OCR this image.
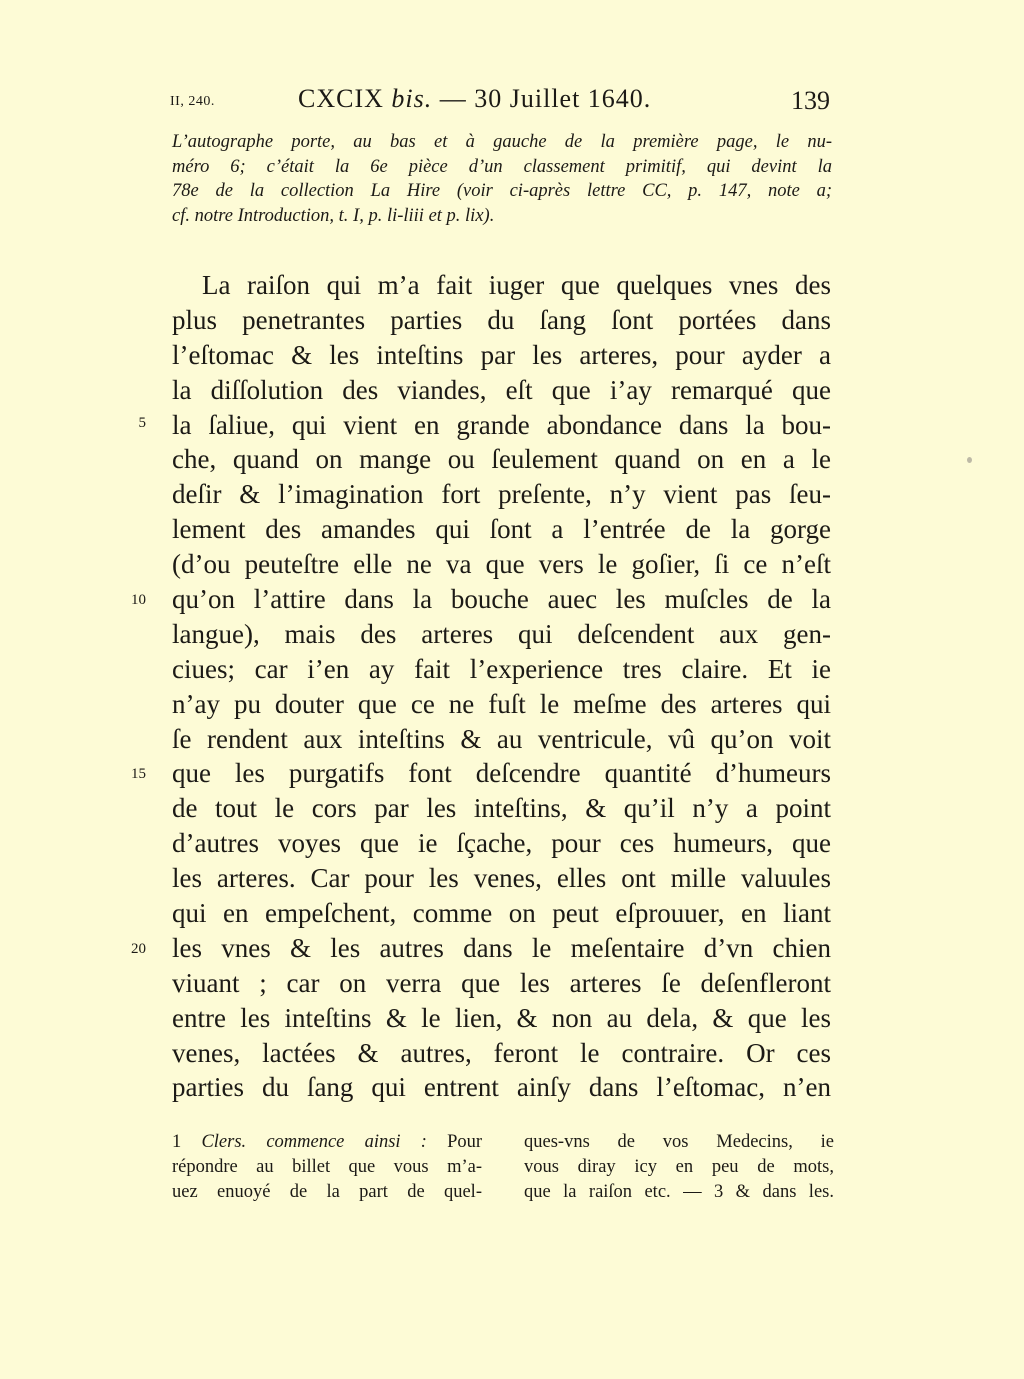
II, 240.	CXCIX bis. — 30 Juillet 1640.	139
L’autographe porte, au bas et à gauche de la première page, le nu-
méro 6; c’était la 6e pièce d’un classement primitif, qui devint la
78e de la collection La Hire (voir ci-après lettre CC, p. 147, note a;
cf. notre Introduction, t. I, p. li-liii et p. lix).
La raiſon qui m’a fait iuger que quelques vnes des
plus penetrantes parties du ſang ſont portées dans
l’eſtomac & les inteſtins par les arteres, pour ayder a
la diſſolution des viandes, eſt que i’ay remarqué que
la ſaliue, qui vient en grande abondance dans la bou-
che, quand on mange ou ſeulement quand on en a le
deſir & l’imagination fort preſente, n’y vient pas ſeu-
lement des amandes qui ſont a l’entrée de la gorge
(d’ou peuteſtre elle ne va que vers le goſier, ſi ce n’eſt
qu’on l’attire dans la bouche auec les muſcles de la
langue), mais des arteres qui deſcendent aux gen-
ciues; car i’en ay fait l’experience tres claire. Et ie
n’ay pu douter que ce ne fuſt le meſme des arteres qui
ſe rendent aux inteſtins & au ventricule, vû qu’on voit
que les purgatifs font deſcendre quantité d’humeurs
de tout le cors par les inteſtins, & qu’il n’y a point
d’autres voyes que ie ſçache, pour ces humeurs, que
les arteres. Car pour les venes, elles ont mille valuules
qui en empeſchent, comme on peut eſprouuer, en liant
les vnes & les autres dans le meſentaire d’vn chien
viuant ; car on verra que les arteres ſe deſenfleront
entre les inteſtins & le lien, & non au dela, & que les
venes, lactées & autres, feront le contraire. Or ces
parties du ſang qui entrent ainſy dans l’eſtomac, n’en
5
10
15
20
1 Clers. commence ainsi : Pour
répondre au billet que vous m’a-
uez enuoyé de la part de quel-
ques-vns de vos Medecins, ie
vous diray icy en peu de mots,
que la raiſon etc. — 3 & dans les.
